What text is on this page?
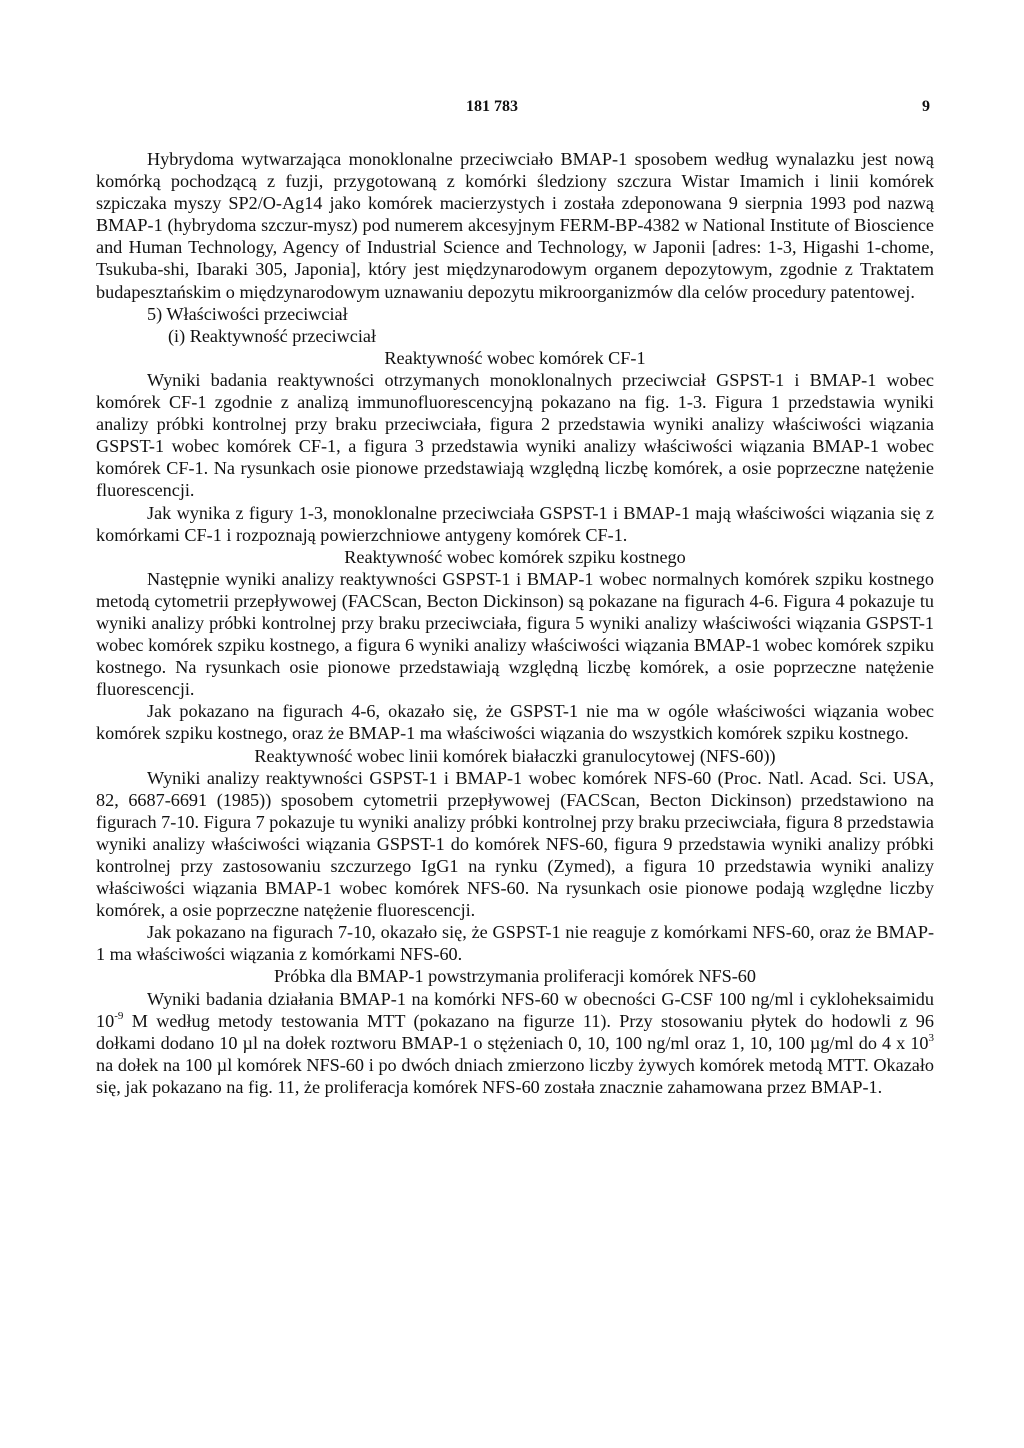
181 783	9

Hybrydoma wytwarzająca monoklonalne przeciwciało BMAP-1 sposobem według wynalazku jest nową komórką pochodzącą z fuzji, przygotowaną z komórki śledziony szczura Wistar Imamich i linii komórek szpiczaka myszy SP2/O-Ag14 jako komórek macierzystych i została zdeponowana 9 sierpnia 1993 pod nazwą BMAP-1 (hybrydoma szczur-mysz) pod numerem akcesyjnym FERM-BP-4382 w National Institute of Bioscience and Human Technology, Agency of Industrial Science and Technology, w Japonii [adres: 1-3, Higashi 1-chome, Tsukuba-shi, Ibaraki 305, Japonia], który jest międzynarodowym organem depozytowym, zgodnie z Traktatem budapesztańskim o międzynarodowym uznawaniu depozytu mikroorganizmów dla celów procedury patentowej.

5) Właściwości przeciwciał

(i) Reaktywność przeciwciał

Reaktywność wobec komórek CF-1

Wyniki badania reaktywności otrzymanych monoklonalnych przeciwciał GSPST-1 i BMAP-1 wobec komórek CF-1 zgodnie z analizą immunofluorescencyjną pokazano na fig. 1-3. Figura 1 przedstawia wyniki analizy próbki kontrolnej przy braku przeciwciała, figura 2 przedstawia wyniki analizy właściwości wiązania GSPST-1 wobec komórek CF-1, a figura 3 przedstawia wyniki analizy właściwości wiązania BMAP-1 wobec komórek CF-1. Na rysunkach osie pionowe przedstawiają względną liczbę komórek, a osie poprzeczne natężenie fluorescencji.

Jak wynika z figury 1-3, monoklonalne przeciwciała GSPST-1 i BMAP-1 mają właściwości wiązania się z komórkami CF-1 i rozpoznają powierzchniowe antygeny komórek CF-1.

Reaktywność wobec komórek szpiku kostnego

Następnie wyniki analizy reaktywności GSPST-1 i BMAP-1 wobec normalnych komórek szpiku kostnego metodą cytometrii przepływowej (FACScan, Becton Dickinson) są pokazane na figurach 4-6. Figura 4 pokazuje tu wyniki analizy próbki kontrolnej przy braku przeciwciała, figura 5 wyniki analizy właściwości wiązania GSPST-1 wobec komórek szpiku kostnego, a figura 6 wyniki analizy właściwości wiązania BMAP-1 wobec komórek szpiku kostnego. Na rysunkach osie pionowe przedstawiają względną liczbę komórek, a osie poprzeczne natężenie fluorescencji.

Jak pokazano na figurach 4-6, okazało się, że GSPST-1 nie ma w ogóle właściwości wiązania wobec komórek szpiku kostnego, oraz że BMAP-1 ma właściwości wiązania do wszystkich komórek szpiku kostnego.

Reaktywność wobec linii komórek białaczki granulocytowej (NFS-60))

Wyniki analizy reaktywności GSPST-1 i BMAP-1 wobec komórek NFS-60 (Proc. Natl. Acad. Sci. USA, 82, 6687-6691 (1985)) sposobem cytometrii przepływowej (FACScan, Becton Dickinson) przedstawiono na figurach 7-10. Figura 7 pokazuje tu wyniki analizy próbki kontrolnej przy braku przeciwciała, figura 8 przedstawia wyniki analizy właściwości wiązania GSPST-1 do komórek NFS-60, figura 9 przedstawia wyniki analizy próbki kontrolnej przy zastosowaniu szczurzego IgG1 na rynku (Zymed), a figura 10 przedstawia wyniki analizy właściwości wiązania BMAP-1 wobec komórek NFS-60. Na rysunkach osie pionowe podają względne liczby komórek, a osie poprzeczne natężenie fluorescencji.

Jak pokazano na figurach 7-10, okazało się, że GSPST-1 nie reaguje z komórkami NFS-60, oraz że BMAP-1 ma właściwości wiązania z komórkami NFS-60.

Próbka dla BMAP-1 powstrzymania proliferacji komórek NFS-60

Wyniki badania działania BMAP-1 na komórki NFS-60 w obecności G-CSF 100 ng/ml i cykloheksaimidu $10^{-9}$ M według metody testowania MTT (pokazano na figurze 11). Przy stosowaniu płytek do hodowli z 96 dołkami dodano 10 µl na dołek roztworu BMAP-1 o stężeniach 0, 10, 100 ng/ml oraz 1, 10, 100 µg/ml do 4 x $10^3$ na dołek na 100 µl komórek NFS-60 i po dwóch dniach zmierzono liczby żywych komórek metodą MTT. Okazało się, jak pokazano na fig. 11, że proliferacja komórek NFS-60 została znacznie zahamowana przez BMAP-1.
